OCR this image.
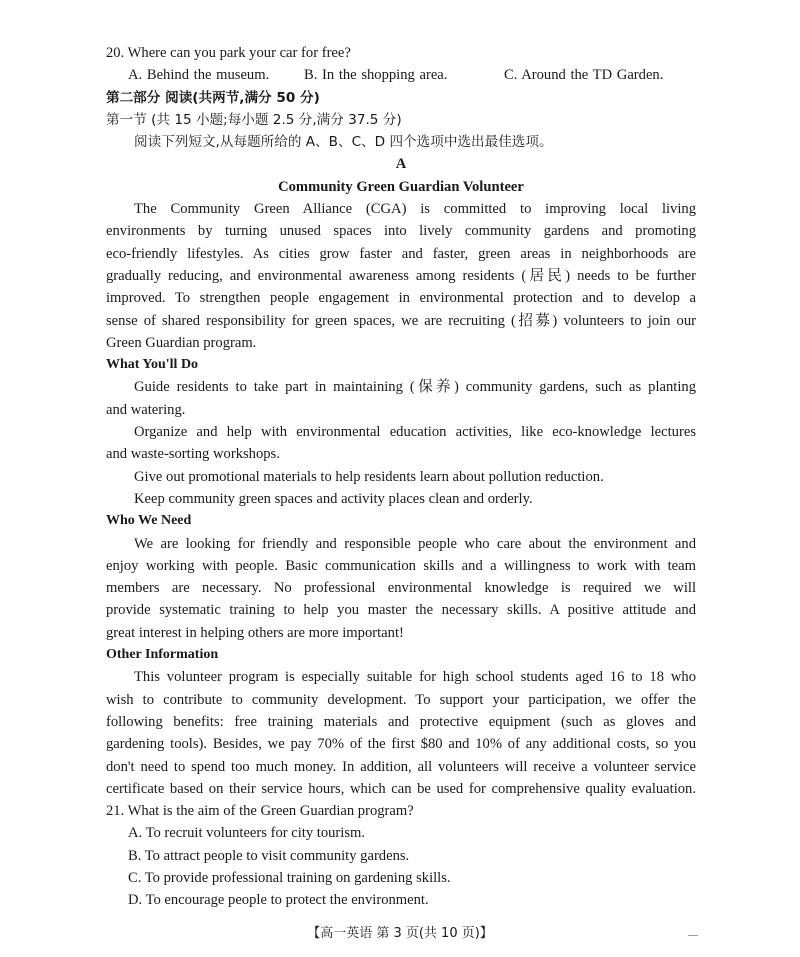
20. Where can you park your car for free?
A. Behind the museum. B. In the shopping area.	C. Around the TD Garden.
第二部分 阅读(共两节,满分 50 分)
第一节 (共 15 小题;每小题 2.5 分,满分 37.5 分)
阅读下列短文,从每题所给的 A、B、C、D 四个选项中选出最佳选项。
A
Community Green Guardian Volunteer
The Community Green Alliance (CGA) is committed to improving local living
environments by turning unused spaces into lively community gardens and promoting
eco-friendly lifestyles. As cities grow faster and faster, green areas in neighborhoods are
gradually reducing, and environmental awareness among residents (居民) needs to be further
improved. To strengthen people engagement in environmental protection and to develop a
sense of shared responsibility for green spaces, we are recruiting (招募) volunteers to join our
Green Guardian program.
What You'll Do
Guide residents to take part in maintaining (保养) community gardens, such as planting
and watering.
Organize and help with environmental education activities, like eco-knowledge lectures
and waste-sorting workshops.
Give out promotional materials to help residents learn about pollution reduction.
Keep community green spaces and activity places clean and orderly.
Who We Need
We are looking for friendly and responsible people who care about the environment and
enjoy working with people. Basic communication skills and a willingness to work with team
members are necessary. No professional environmental knowledge is required we will
provide systematic training to help you master the necessary skills. A positive attitude and
great interest in helping others are more important!
Other Information
This volunteer program is especially suitable for high school students aged 16 to 18 who
wish to contribute to community development. To support your participation, we offer the
following benefits: free training materials and protective equipment (such as gloves and
gardening tools). Besides, we pay 70% of the first $80 and 10% of any additional costs, so you
don't need to spend too much money. In addition, all volunteers will receive a volunteer service
certificate based on their service hours, which can be used for comprehensive quality evaluation.
21. What is the aim of the Green Guardian program?
A. To recruit volunteers for city tourism.
B. To attract people to visit community gardens.
C. To provide professional training on gardening skills.
D. To encourage people to protect the environment.
【高一英语 第 3 页(共 10 页)】	—
